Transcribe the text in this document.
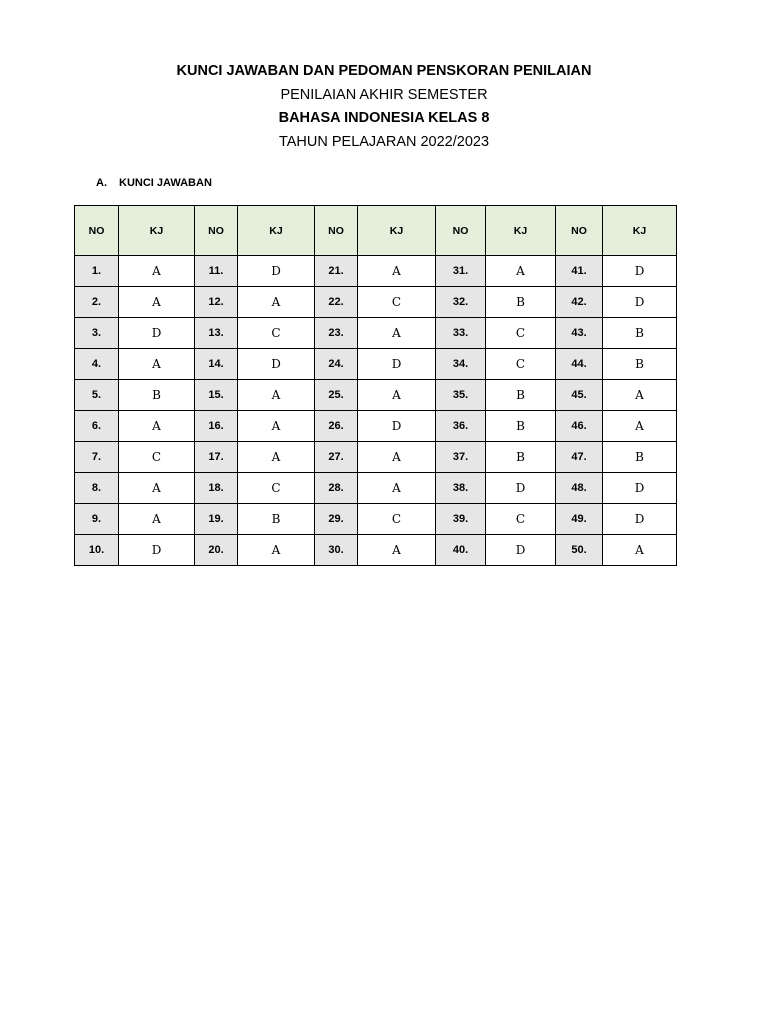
KUNCI JAWABAN DAN PEDOMAN PENSKORAN PENILAIAN
PENILAIAN AKHIR SEMESTER
BAHASA INDONESIA KELAS 8
TAHUN PELAJARAN 2022/2023
A. KUNCI JAWABAN
NO	KJ	NO	KJ	NO	KJ	NO	KJ	NO	KJ
1.	A	11.	D	21.	A	31.	A	41.	D
2.	A	12.	A	22.	C	32.	B	42.	D
3.	D	13.	C	23.	A	33.	C	43.	B
4.	A	14.	D	24.	D	34.	C	44.	B
5.	B	15.	A	25.	A	35.	B	45.	A
6.	A	16.	A	26.	D	36.	B	46.	A
7.	C	17.	A	27.	A	37.	B	47.	B
8.	A	18.	C	28.	A	38.	D	48.	D
9.	A	19.	B	29.	C	39.	C	49.	D
10.	D	20.	A	30.	A	40.	D	50.	A
